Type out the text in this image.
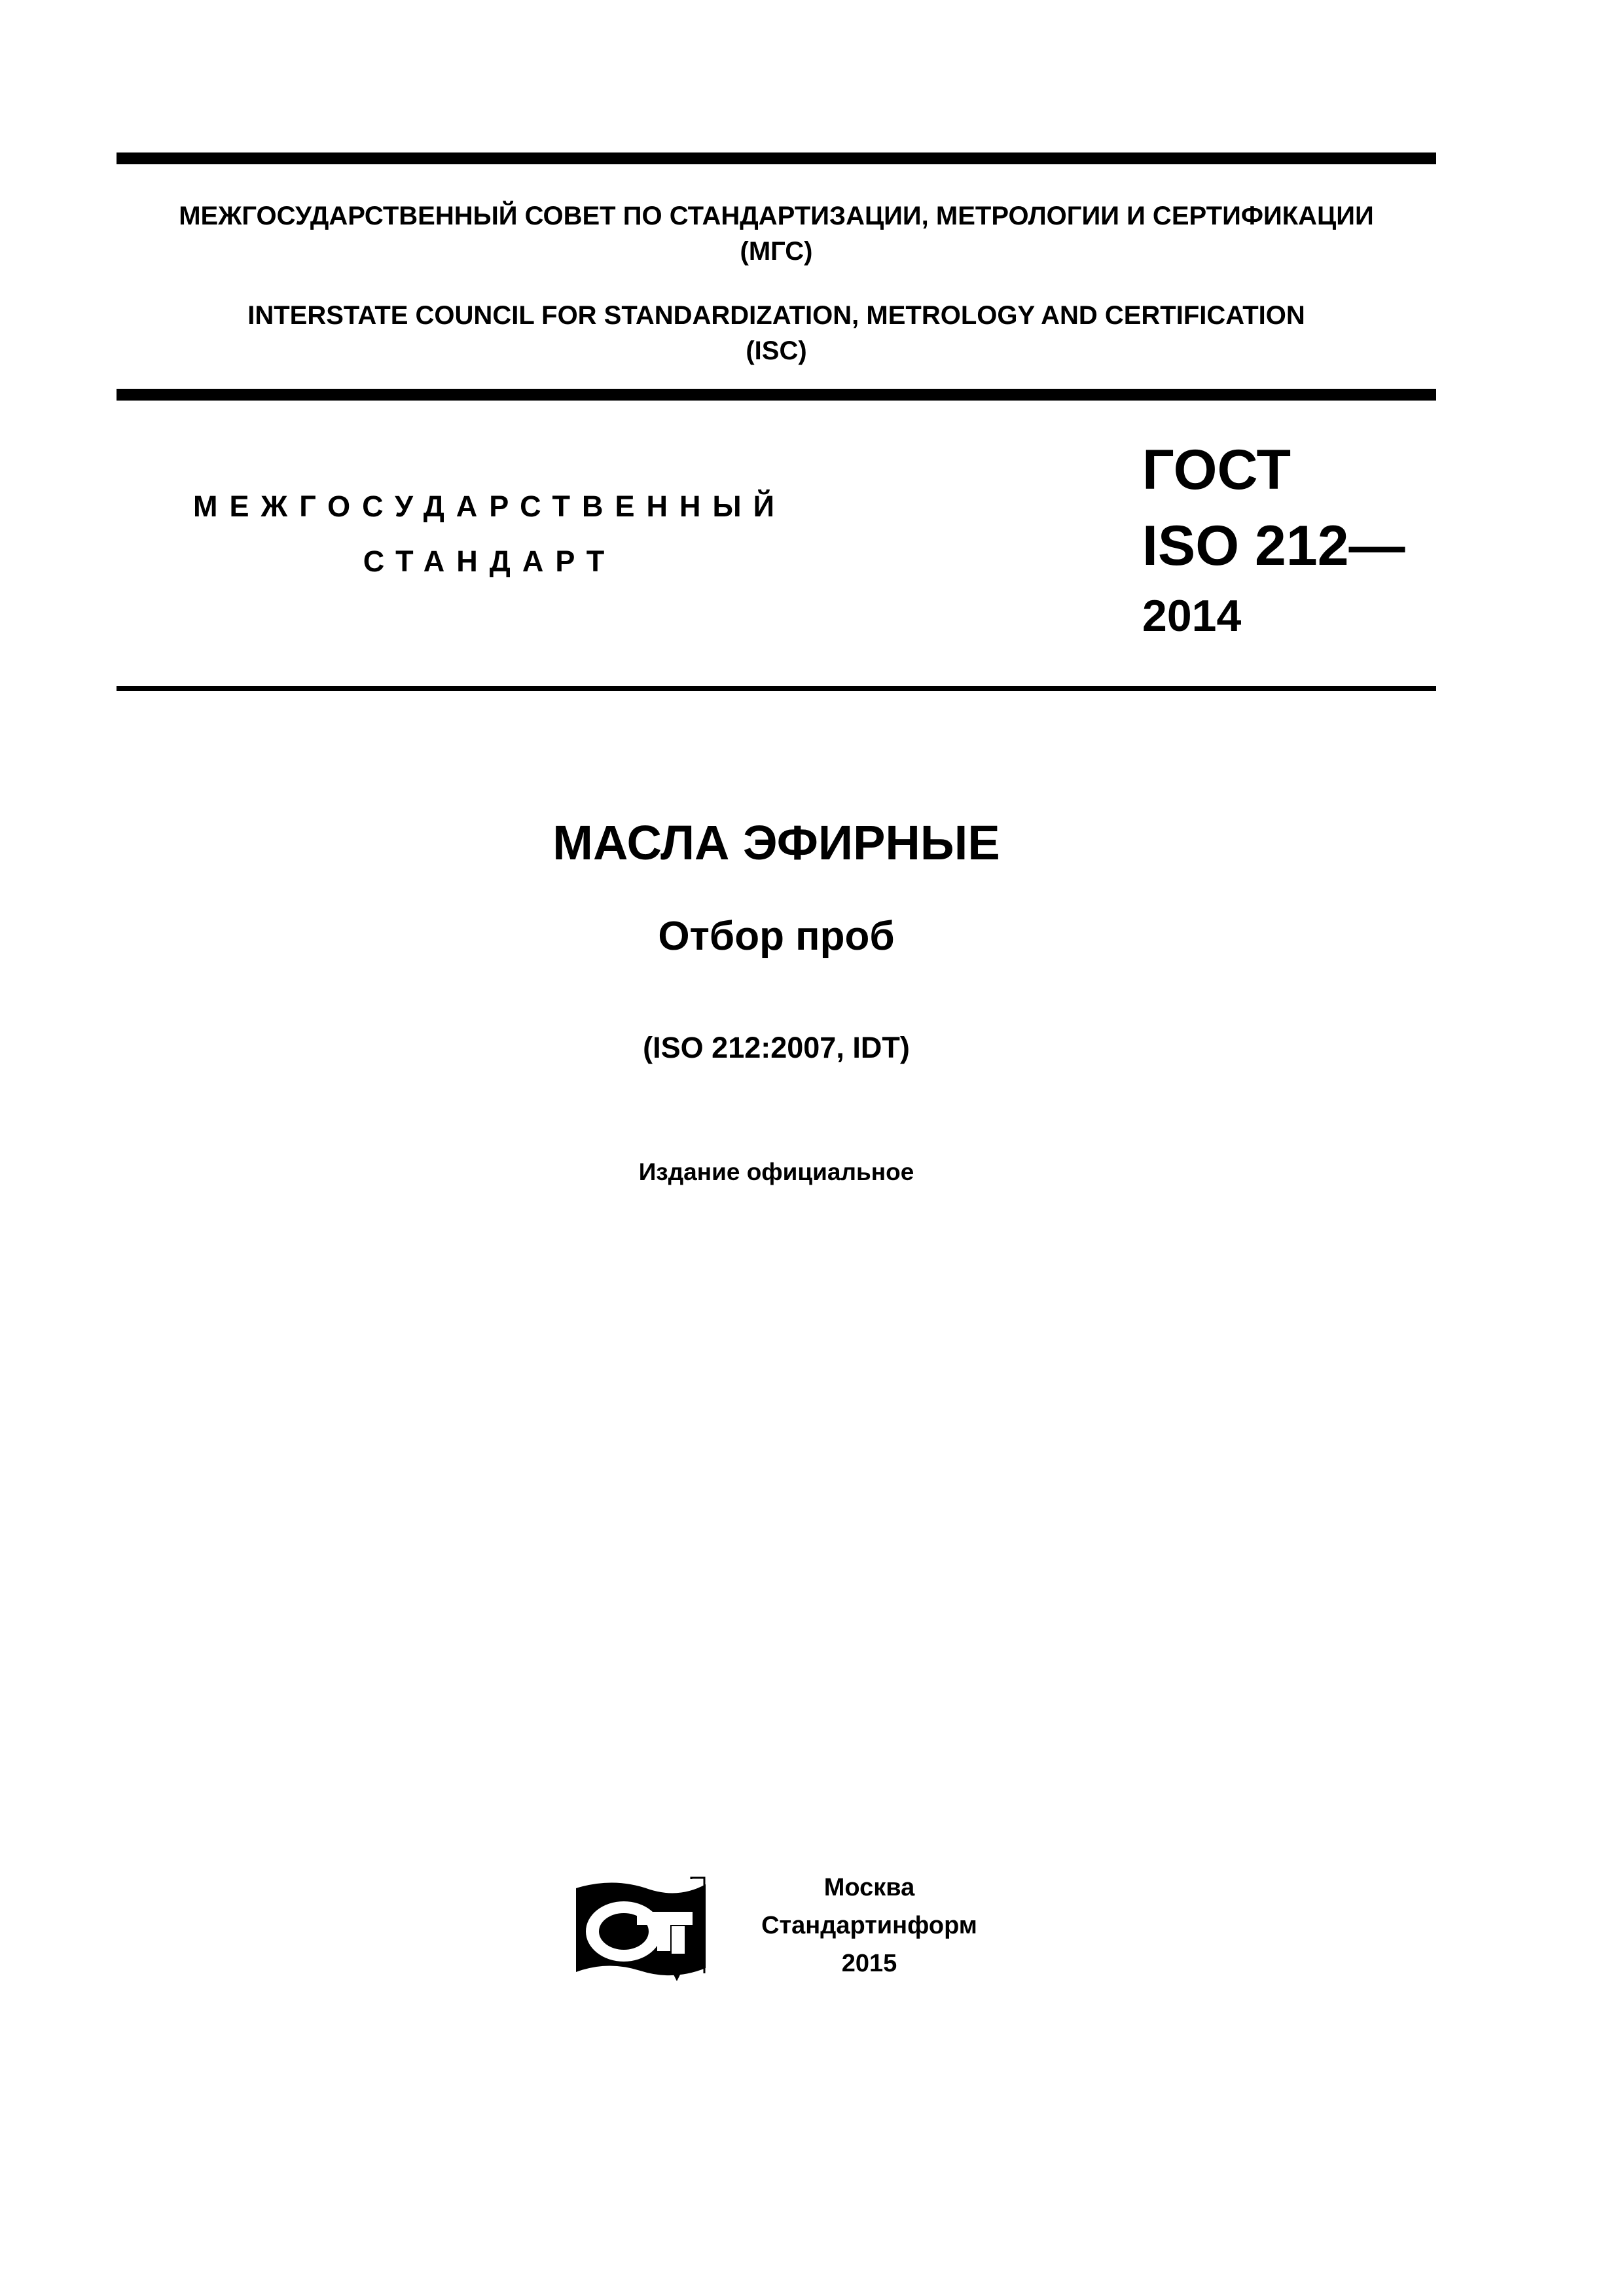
МЕЖГОСУДАРСТВЕННЫЙ СОВЕТ ПО СТАНДАРТИЗАЦИИ, МЕТРОЛОГИИ И СЕРТИФИКАЦИИ
(МГС)
INTERSTATE COUNCIL FOR STANDARDIZATION, METROLOGY AND CERTIFICATION
(ISC)
МЕЖГОСУДАРСТВЕННЫЙ
СТАНДАРТ
ГОСТ
ISO 212—
2014
МАСЛА ЭФИРНЫЕ
Отбор проб
(ISO 212:2007, IDT)
Издание официальное
Москва
Стандартинформ
2015
